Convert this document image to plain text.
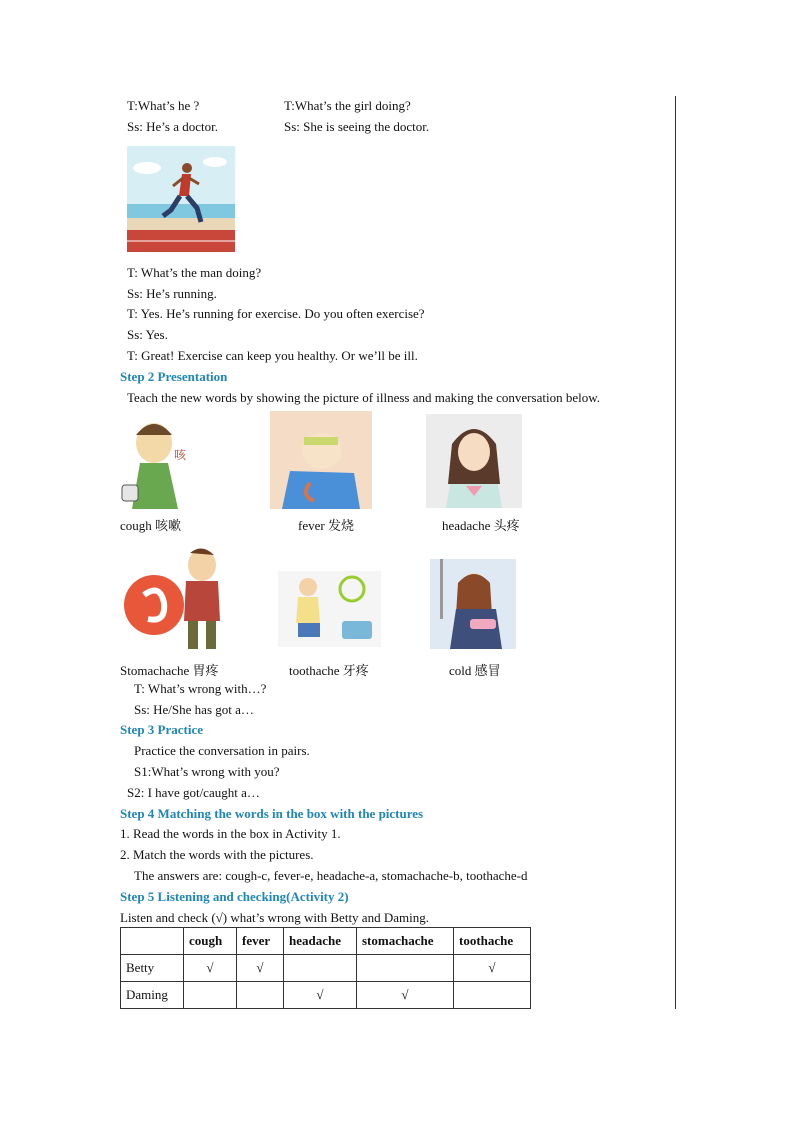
T:What’s he ?	T:What’s the girl doing?
Ss: He’s a doctor.	Ss: She is seeing the doctor.
T: What’s the man doing?
Ss: He’s running.
T: Yes. He’s running for exercise. Do you often exercise?
Ss: Yes.
T: Great! Exercise can keep you healthy. Or we’ll be ill.
Step 2 Presentation
Teach the new words by showing the picture of illness and making the conversation below.
咳
cough 咳嗽	fever 发烧	headache 头疼
Stomachache 胃疼	toothache 牙疼	cold 感冒
T: What’s wrong with…?
Ss: He/She has got a…
Step 3 Practice
Practice the conversation in pairs.
S1:What’s wrong with you?
S2: I have got/caught a…
Step 4 Matching the words in the box with the pictures
1. Read the words in the box in Activity 1.
2. Match the words with the pictures.
The answers are: cough-c, fever-e, headache-a, stomachache-b, toothache-d
Step 5 Listening and checking(Activity 2)
Listen and check (√) what’s wrong with Betty and Daming.
	cough	fever	headache	stomachache	toothache
Betty	√	√			√
Daming			√	√	
